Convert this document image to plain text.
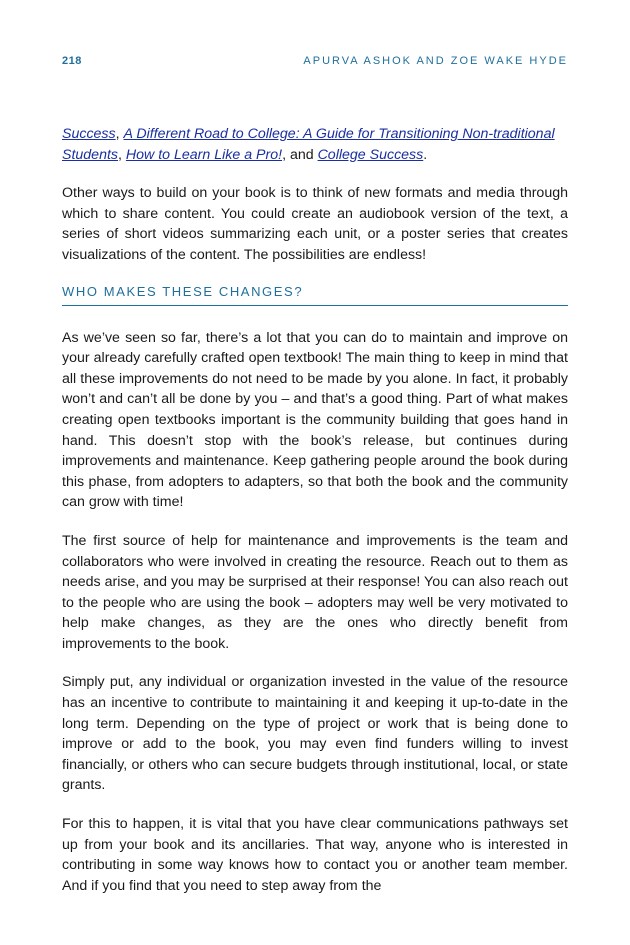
218	APURVA ASHOK AND ZOE WAKE HYDE

Success, A Different Road to College: A Guide for Transitioning Non-traditional Students, How to Learn Like a Pro!, and College Success.

Other ways to build on your book is to think of new formats and media through which to share content. You could create an audiobook version of the text, a series of short videos summarizing each unit, or a poster series that creates visualizations of the content. The possibilities are endless!

WHO MAKES THESE CHANGES?

As we’ve seen so far, there’s a lot that you can do to maintain and improve on your already carefully crafted open textbook! The main thing to keep in mind that all these improvements do not need to be made by you alone. In fact, it probably won’t and can’t all be done by you – and that’s a good thing. Part of what makes creating open textbooks important is the community building that goes hand in hand. This doesn’t stop with the book’s release, but continues during improvements and maintenance. Keep gathering people around the book during this phase, from adopters to adapters, so that both the book and the community can grow with time!

The first source of help for maintenance and improvements is the team and collaborators who were involved in creating the resource. Reach out to them as needs arise, and you may be surprised at their response! You can also reach out to the people who are using the book – adopters may well be very motivated to help make changes, as they are the ones who directly benefit from improvements to the book.

Simply put, any individual or organization invested in the value of the resource has an incentive to contribute to maintaining it and keeping it up-to-date in the long term. Depending on the type of project or work that is being done to improve or add to the book, you may even find funders willing to invest financially, or others who can secure budgets through institutional, local, or state grants.

For this to happen, it is vital that you have clear communications pathways set up from your book and its ancillaries. That way, anyone who is interested in contributing in some way knows how to contact you or another team member. And if you find that you need to step away from the
